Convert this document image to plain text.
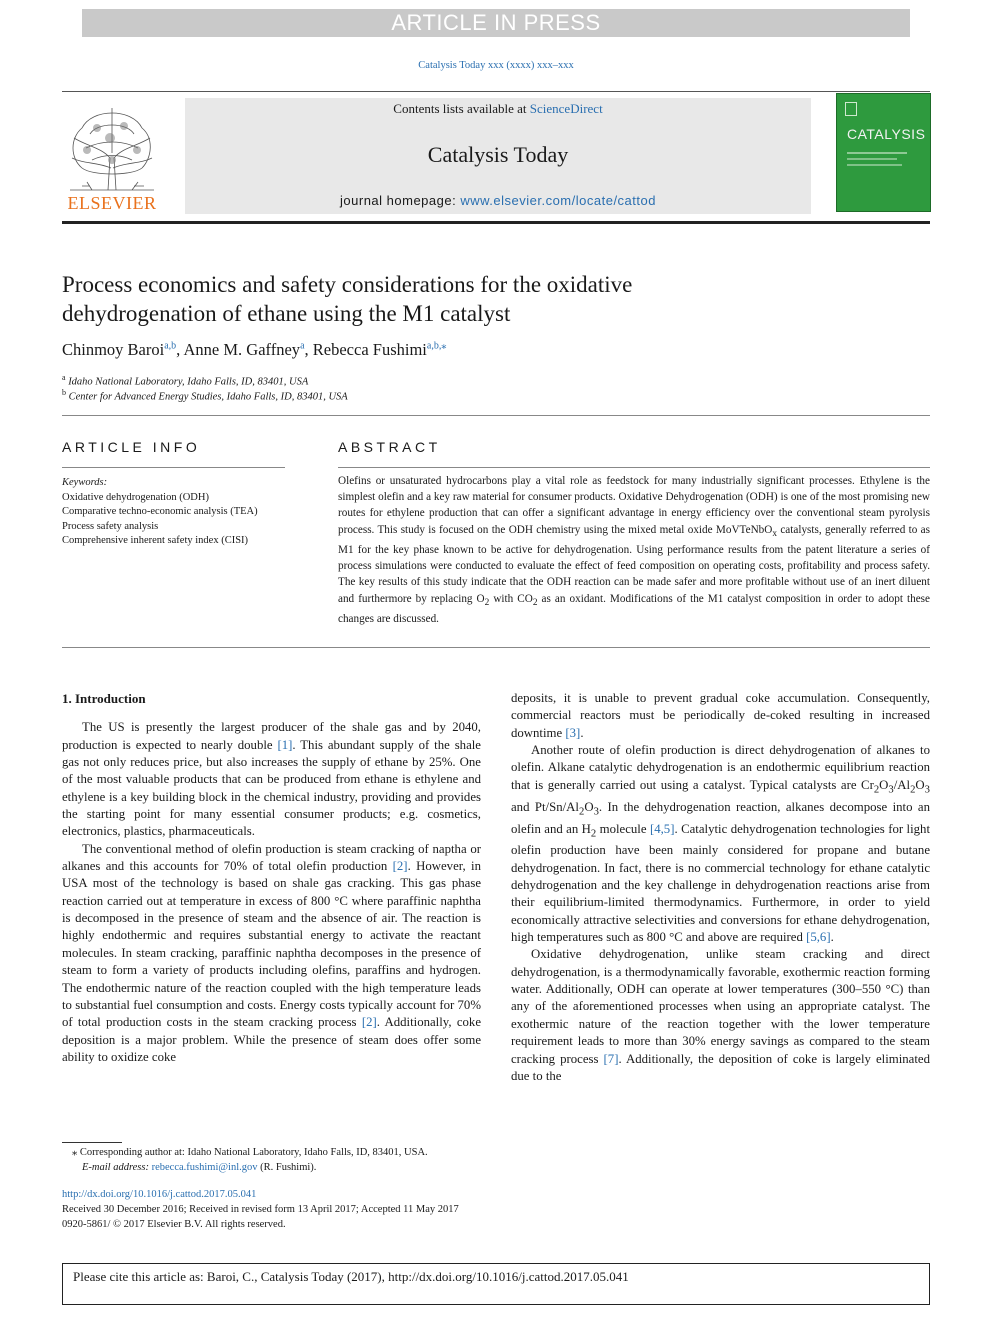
ARTICLE IN PRESS
Catalysis Today xxx (xxxx) xxx–xxx
ELSEVIER
Contents lists available at ScienceDirect
Catalysis Today
journal homepage: www.elsevier.com/locate/cattod
CATALYSIS
Process economics and safety considerations for the oxidative dehydrogenation of ethane using the M1 catalyst
Chinmoy Baroi$^{a,b}$, Anne M. Gaffney$^a$, Rebecca Fushimi$^{a,b,⁎}$
$^a$ Idaho National Laboratory, Idaho Falls, ID, 83401, USA
$^b$ Center for Advanced Energy Studies, Idaho Falls, ID, 83401, USA
ARTICLE INFO
Keywords:
Oxidative dehydrogenation (ODH)
Comparative techno-economic analysis (TEA)
Process safety analysis
Comprehensive inherent safety index (CISI)
ABSTRACT
Olefins or unsaturated hydrocarbons play a vital role as feedstock for many industrially significant processes. Ethylene is the simplest olefin and a key raw material for consumer products. Oxidative Dehydrogenation (ODH) is one of the most promising new routes for ethylene production that can offer a significant advantage in energy efficiency over the conventional steam pyrolysis process. This study is focused on the ODH chemistry using the mixed metal oxide MoVTeNbO$_x$ catalysts, generally referred to as M1 for the key phase known to be active for dehydrogenation. Using performance results from the patent literature a series of process simulations were conducted to evaluate the effect of feed composition on operating costs, profitability and process safety. The key results of this study indicate that the ODH reaction can be made safer and more profitable without use of an inert diluent and furthermore by replacing $O_2$ with $CO_2$ as an oxidant. Modifications of the M1 catalyst composition in order to adopt these changes are discussed.
1. Introduction

The US is presently the largest producer of the shale gas and by 2040, production is expected to nearly double [1]. This abundant supply of the shale gas not only reduces price, but also increases the supply of ethane by 25%. One of the most valuable products that can be produced from ethane is ethylene and ethylene is a key building block in the chemical industry, providing and provides the starting point for many essential consumer products; e.g. cosmetics, electronics, plastics, pharmaceuticals.

The conventional method of olefin production is steam cracking of naptha or alkanes and this accounts for 70% of total olefin production [2]. However, in USA most of the technology is based on shale gas cracking. This gas phase reaction carried out at temperature in excess of 800 °C where paraffinic naphtha is decomposed in the presence of steam and the absence of air. The reaction is highly endothermic and requires substantial energy to activate the reactant molecules. In steam cracking, paraffinic naphtha decomposes in the presence of steam to form a variety of products including olefins, paraffins and hydrogen. The endothermic nature of the reaction coupled with the high temperature leads to substantial fuel consumption and costs. Energy costs typically account for 70% of total production costs in the steam cracking process [2]. Additionally, coke deposition is a major problem. While the presence of steam does offer some ability to oxidize coke

deposits, it is unable to prevent gradual coke accumulation. Consequently, commercial reactors must be periodically de-coked resulting in increased downtime [3].

Another route of olefin production is direct dehydrogenation of alkanes to olefin. Alkane catalytic dehydrogenation is an endothermic equilibrium reaction that is generally carried out using a catalyst. Typical catalysts are $Cr_2O_3/Al_2O_3$ and $Pt/Sn/Al_2O_3$. In the dehydrogenation reaction, alkanes decompose into an olefin and an $H_2$ molecule [4,5]. Catalytic dehydrogenation technologies for light olefin production have been mainly considered for propane and butane dehydrogenation. In fact, there is no commercial technology for ethane catalytic dehydrogenation and the key challenge in dehydrogenation reactions arise from their equilibrium-limited thermodynamics. Furthermore, in order to yield economically attractive selectivities and conversions for ethane dehydrogenation, high temperatures such as 800 °C and above are required [5,6].

Oxidative dehydrogenation, unlike steam cracking and direct dehydrogenation, is a thermodynamically favorable, exothermic reaction forming water. Additionally, ODH can operate at lower temperatures (300–550 °C) than any of the aforementioned processes when using an appropriate catalyst. The exothermic nature of the reaction together with the lower temperature requirement leads to more than 30% energy savings as compared to the steam cracking process [7]. Additionally, the deposition of coke is largely eliminated due to the

⁎ Corresponding author at: Idaho National Laboratory, Idaho Falls, ID, 83401, USA.
E-mail address: rebecca.fushimi@inl.gov (R. Fushimi).
http://dx.doi.org/10.1016/j.cattod.2017.05.041
Received 30 December 2016; Received in revised form 13 April 2017; Accepted 11 May 2017
0920-5861/ © 2017 Elsevier B.V. All rights reserved.
Please cite this article as: Baroi, C., Catalysis Today (2017), http://dx.doi.org/10.1016/j.cattod.2017.05.041
